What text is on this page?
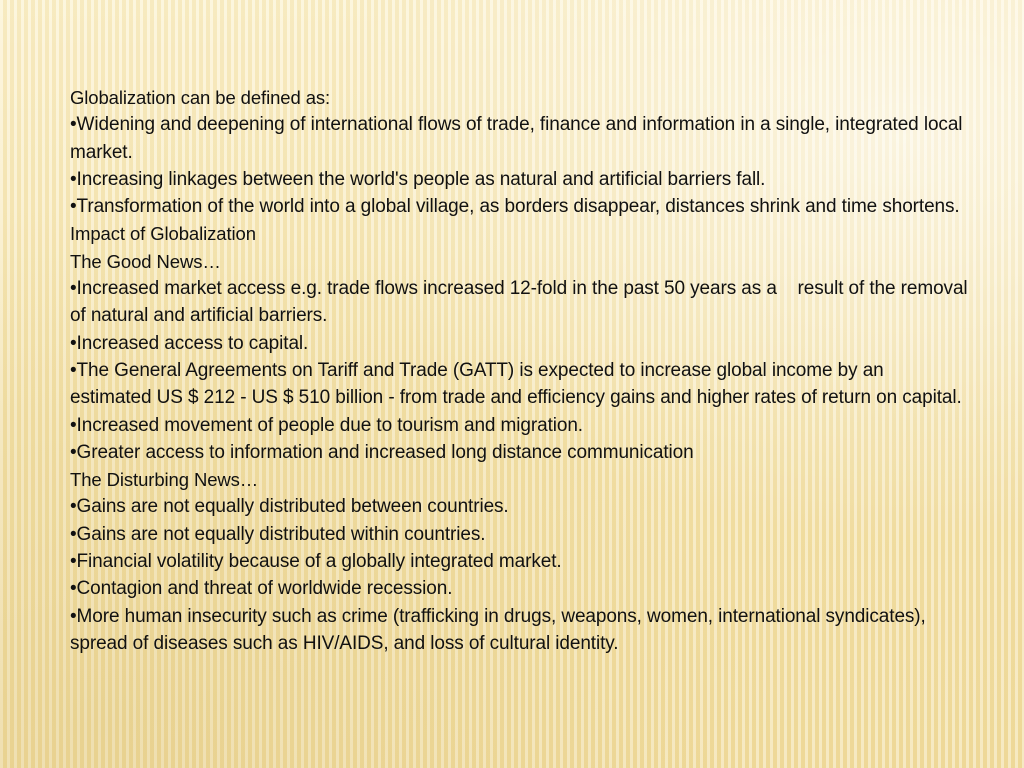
Globalization can be defined as:

•Widening and deepening of international flows of trade, finance and information in a single, integrated local market.

•Increasing linkages between the world's people as natural and artificial barriers fall.

•Transformation of the world into a global village, as borders disappear, distances shrink and time shortens.

Impact of Globalization

The Good News…

•Increased market access e.g. trade flows increased 12-fold in the past 50 years as a    result of the removal of natural and artificial barriers.

•Increased access to capital.

•The General Agreements on Tariff and Trade (GATT) is expected to increase global income by an estimated US $ 212 - US $ 510 billion - from trade and efficiency gains and higher rates of return on capital.

•Increased movement of people due to tourism and migration.

•Greater access to information and increased long distance communication

The Disturbing News…

•Gains are not equally distributed between countries.

•Gains are not equally distributed within countries.

•Financial volatility because of a globally integrated market.

•Contagion and threat of worldwide recession.

•More human insecurity such as crime (trafficking in drugs, weapons, women, international syndicates), spread of diseases such as HIV/AIDS, and loss of cultural identity.
